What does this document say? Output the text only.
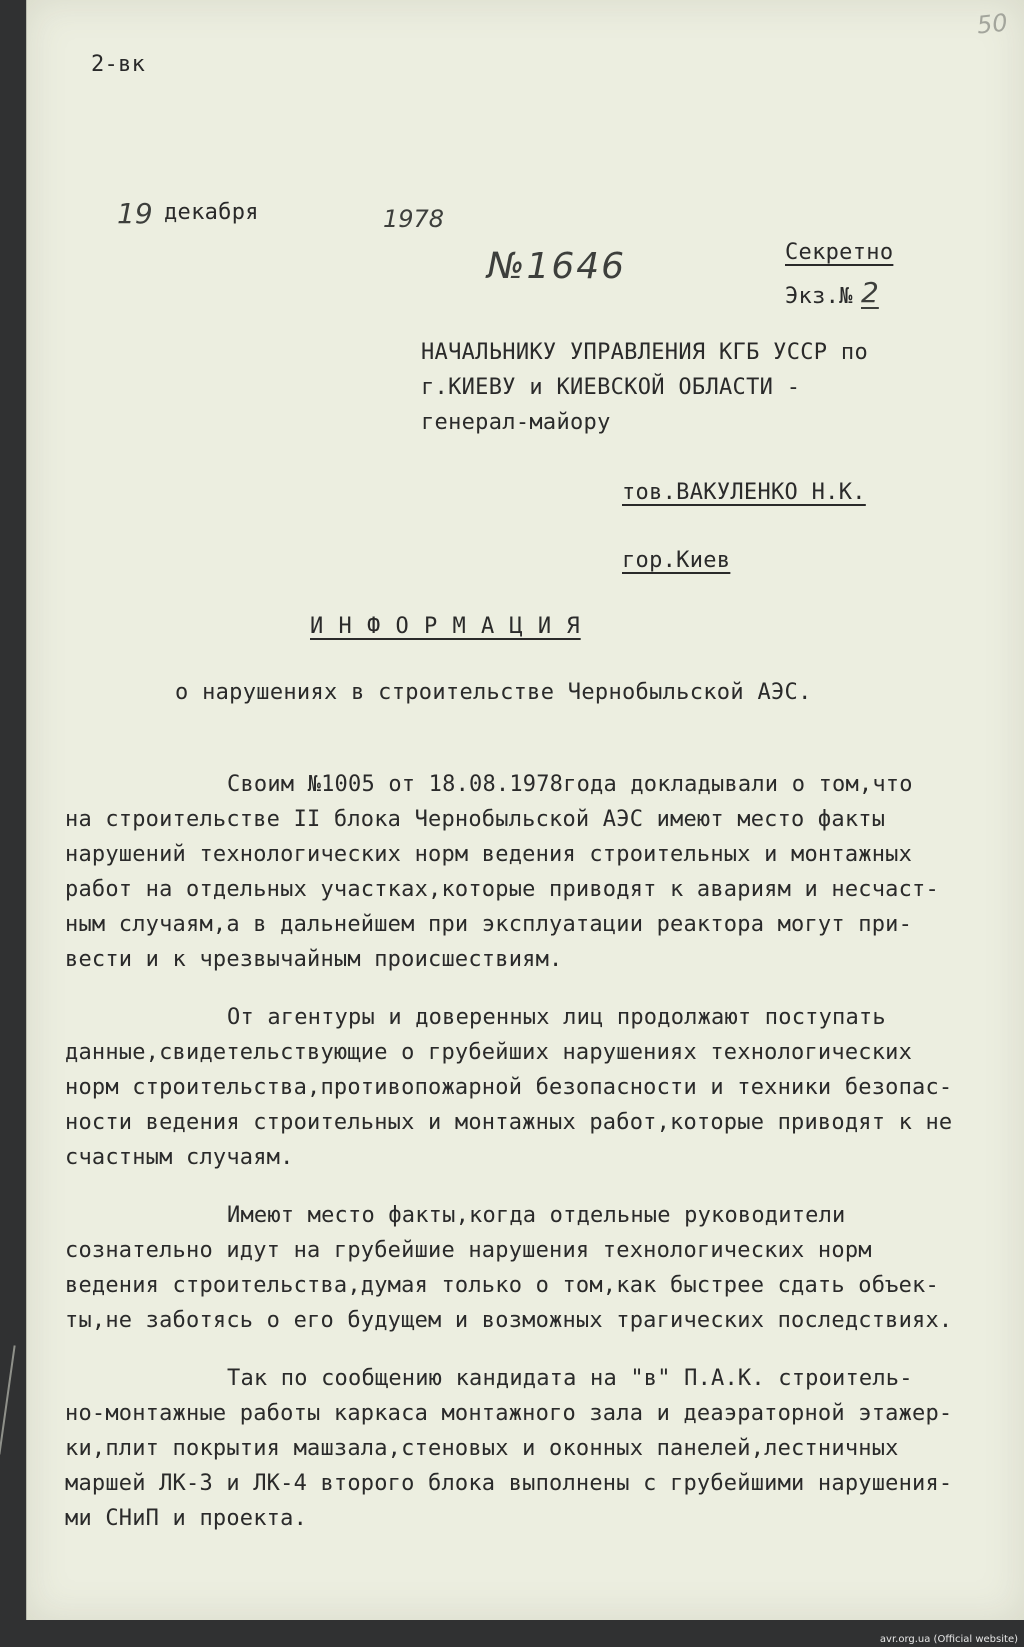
50
2-вк
19 декабря	1978
№1646	Секретно
Экз.№ 2
НАЧАЛЬНИКУ УПРАВЛЕНИЯ КГБ УССР по
г.КИЕВУ и КИЕВСКОЙ ОБЛАСТИ -
генерал-майору
тов.ВАКУЛЕНКО Н.К.
гор.Киев
И Н Ф О Р М А Ц И Я
о нарушениях в строительстве Чернобыльской АЭС.
Своим №1005 от 18.08.1978года докладывали о том,что
на строительстве II блока Чернобыльской АЭС имеют место факты
нарушений технологических норм ведения строительных и монтажных
работ на отдельных участках,которые приводят к авариям и несчаст-
ным случаям,а в дальнейшем при эксплуатации реактора могут при-
вести и к чрезвычайным происшествиям.
От агентуры и доверенных лиц продолжают поступать
данные,свидетельствующие о грубейших нарушениях технологических
норм строительства,противопожарной безопасности и техники безопас-
ности ведения строительных и монтажных работ,которые приводят к не
счастным случаям.
Имеют место факты,когда отдельные руководители
сознательно идут на грубейшие нарушения технологических норм
ведения строительства,думая только о том,как быстрее сдать объек-
ты,не заботясь о его будущем и возможных трагических последствиях.
Так по сообщению кандидата на "в" П.А.К. строитель-
но-монтажные работы каркаса монтажного зала и деаэраторной этажер-
ки,плит покрытия машзала,стеновых и оконных панелей,лестничных
маршей ЛК-3 и ЛК-4 второго блока выполнены с грубейшими нарушения-
ми СНиП и проекта.
avr.org.ua (Official website)
